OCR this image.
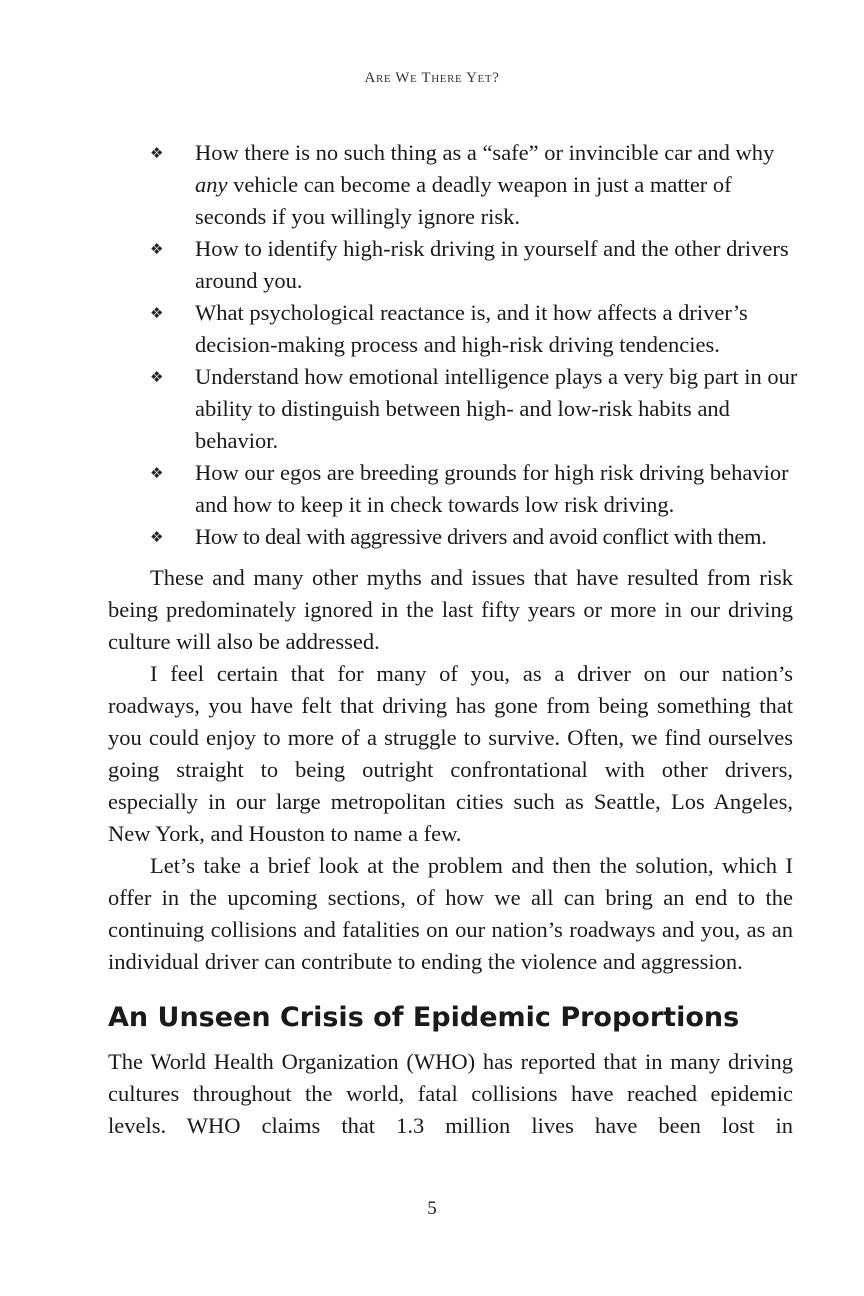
Are We There Yet?
❖ How there is no such thing as a “safe” or invincible car and why any vehicle can become a deadly weapon in just a matter of seconds if you willingly ignore risk.
❖ How to identify high-risk driving in yourself and the other drivers around you.
❖ What psychological reactance is, and it how affects a driver’s decision-making process and high-risk driving tendencies.
❖ Understand how emotional intelligence plays a very big part in our ability to distinguish between high- and low-risk habits and behavior.
❖ How our egos are breeding grounds for high risk driving behavior and how to keep it in check towards low risk driving.
❖	How to deal with aggressive drivers and avoid conflict with them.

These and many other myths and issues that have resulted from risk being predominately ignored in the last fifty years or more in our driving culture will also be addressed.

I feel certain that for many of you, as a driver on our nation’s roadways, you have felt that driving has gone from being something that you could enjoy to more of a struggle to survive. Often, we find ourselves going straight to being outright confrontational with other drivers, especially in our large metropolitan cities such as Seattle, Los Angeles, New York, and Houston to name a few.

Let’s take a brief look at the problem and then the solution, which I offer in the upcoming sections, of how we all can bring an end to the continuing collisions and fatalities on our nation’s roadways and you, as an individual driver can contribute to ending the violence and aggression.

An Unseen Crisis of Epidemic Proportions

The World Health Organization (WHO) has reported that in many driving cultures throughout the world, fatal collisions have reached epidemic levels. WHO claims that 1.3 million lives have been lost in

5
